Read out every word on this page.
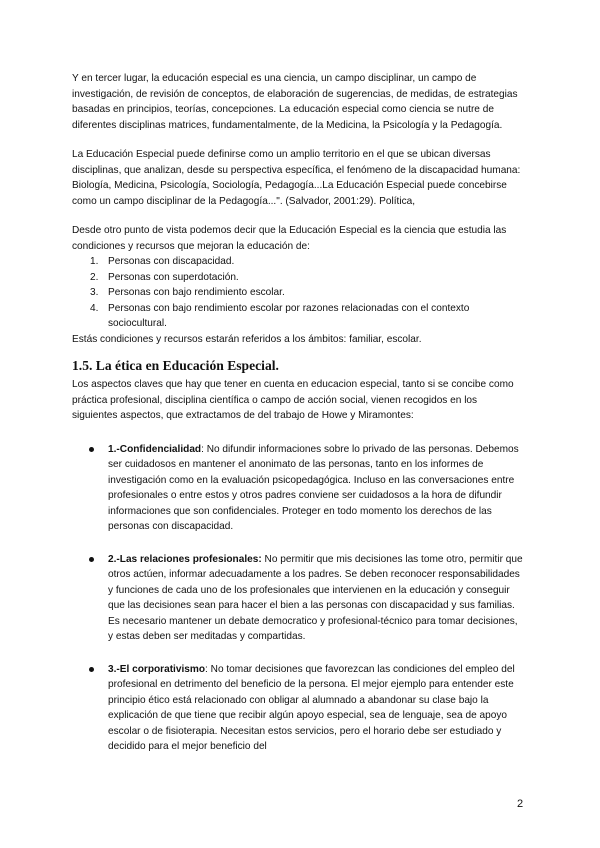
Y en tercer lugar, la educación especial es una ciencia, un campo disciplinar, un campo de investigación, de revisión de conceptos, de elaboración de sugerencias, de medidas, de estrategias basadas en principios, teorías, concepciones. La educación especial como ciencia se nutre de diferentes disciplinas matrices, fundamentalmente, de la Medicina, la Psicología y la Pedagogía.

La Educación Especial puede definirse como un amplio territorio en el que se ubican diversas disciplinas, que analizan, desde su perspectiva específica, el fenómeno de la discapacidad humana: Biología, Medicina, Psicología, Sociología, Pedagogía...La Educación Especial puede concebirse como un campo disciplinar de la Pedagogía...". (Salvador, 2001:29). Política,

Desde otro punto de vista podemos decir que la Educación Especial es la ciencia que estudia las condiciones y recursos que mejoran la educación de:

1. Personas con discapacidad.
2. Personas con superdotación.
3. Personas con bajo rendimiento escolar.
4. Personas con bajo rendimiento escolar por razones relacionadas con el contexto sociocultural.

Estás condiciones y recursos estarán referidos a los ámbitos: familiar, escolar.

1.5. La ética en Educación Especial.

Los aspectos claves que hay que tener en cuenta en educacion especial, tanto si se concibe como práctica profesional, disciplina científica o campo de acción social, vienen recogidos en los siguientes aspectos, que extractamos de del trabajo de Howe y Miramontes:

1.-Confidencialidad: No difundir informaciones sobre lo privado de las personas. Debemos ser cuidadosos en mantener el anonimato de las personas, tanto en los informes de investigación como en la evaluación psicopedagógica. Incluso en las conversaciones entre profesionales o entre estos y otros padres conviene ser cuidadosos a la hora de difundir informaciones que son confidenciales. Proteger en todo momento los derechos de las personas con discapacidad.
2.-Las relaciones profesionales: No permitir que mis decisiones las tome otro, permitir que otros actúen, informar adecuadamente a los padres. Se deben reconocer responsabilidades y funciones de cada uno de los profesionales que intervienen en la educación y conseguir que las decisiones sean para hacer el bien a las personas con discapacidad y sus familias. Es necesario mantener un debate democratico y profesional-técnico para tomar decisiones, y estas deben ser meditadas y compartidas.
3.-El corporativismo: No tomar decisiones que favorezcan las condiciones del empleo del profesional en detrimento del beneficio de la persona. El mejor ejemplo para entender este principio ético está relacionado con obligar al alumnado a abandonar su clase bajo la explicación de que tiene que recibir algún apoyo especial, sea de lenguaje, sea de apoyo escolar o de fisioterapia. Necesitan estos servicios, pero el horario debe ser estudiado y decidido para el mejor beneficio del
2
